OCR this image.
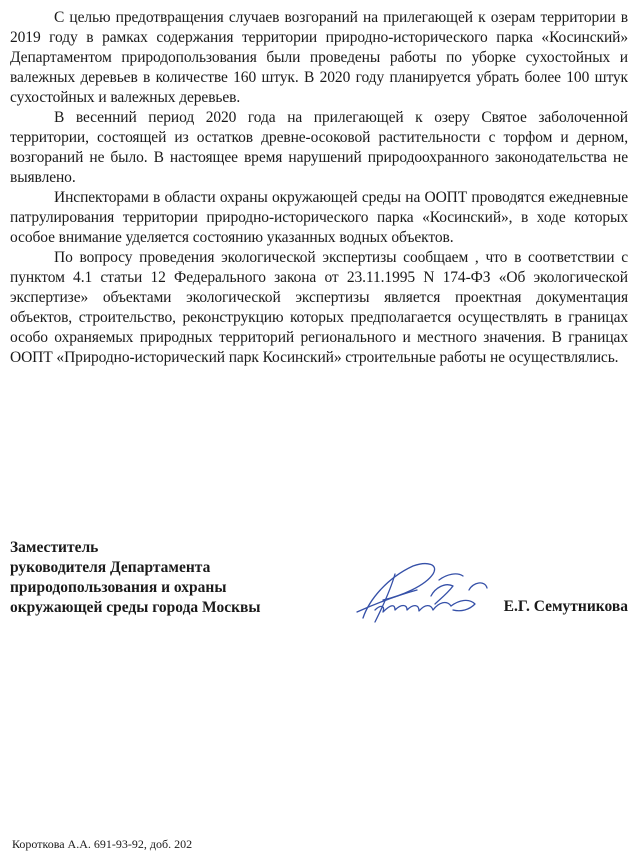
С целью предотвращения случаев возгораний на прилегающей к озерам территории в 2019 году в рамках содержания территории природно-исторического парка «Косинский» Департаментом природопользования были проведены работы по уборке сухостойных и валежных деревьев в количестве 160 штук. В 2020 году планируется убрать более 100 штук сухостойных и валежных деревьев.

В весенний период 2020 года на прилегающей к озеру Святое заболоченной территории, состоящей из остатков древне-осоковой растительности с торфом и дерном, возгораний не было. В настоящее время нарушений природоохранного законодательства не выявлено.

Инспекторами в области охраны окружающей среды на ООПТ проводятся ежедневные патрулирования территории природно-исторического парка «Косинский», в ходе которых особое внимание уделяется состоянию указанных водных объектов.

По вопросу проведения экологической экспертизы сообщаем , что в соответствии с пунктом 4.1 статьи 12 Федерального закона от 23.11.1995 N 174-ФЗ «Об экологической экспертизе» объектами экологической экспертизы является проектная документация объектов, строительство, реконструкцию которых предполагается осуществлять в границах особо охраняемых природных территорий регионального и местного значения. В границах ООПТ «Природно-исторический парк Косинский» строительные работы не осуществлялись.

Заместитель
руководителя Департамента
природопользования и охраны
окружающей среды города Москвы	Е.Г. Семутникова
Короткова А.А. 691-93-92, доб. 202
